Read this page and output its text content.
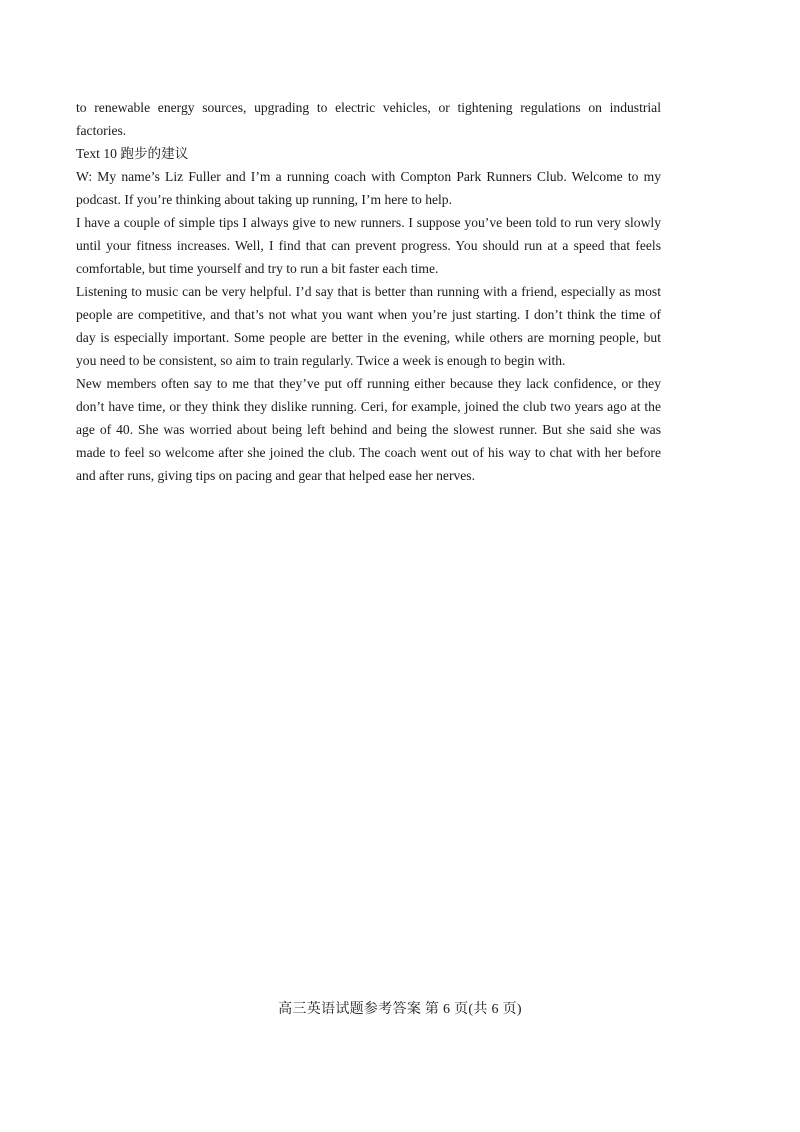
to renewable energy sources, upgrading to electric vehicles, or tightening regulations on industrial factories.

Text 10 跑步的建议

W: My name’s Liz Fuller and I’m a running coach with Compton Park Runners Club. Welcome to my podcast. If you’re thinking about taking up running, I’m here to help.

I have a couple of simple tips I always give to new runners. I suppose you’ve been told to run very slowly until your fitness increases. Well, I find that can prevent progress. You should run at a speed that feels comfortable, but time yourself and try to run a bit faster each time.

Listening to music can be very helpful. I’d say that is better than running with a friend, especially as most people are competitive, and that’s not what you want when you’re just starting. I don’t think the time of day is especially important. Some people are better in the evening, while others are morning people, but you need to be consistent, so aim to train regularly. Twice a week is enough to begin with.

New members often say to me that they’ve put off running either because they lack confidence, or they don’t have time, or they think they dislike running. Ceri, for example, joined the club two years ago at the age of 40. She was worried about being left behind and being the slowest runner. But she said she was made to feel so welcome after she joined the club. The coach went out of his way to chat with her before and after runs, giving tips on pacing and gear that helped ease her nerves.

高三英语试题参考答案 第 6 页(共 6 页)
